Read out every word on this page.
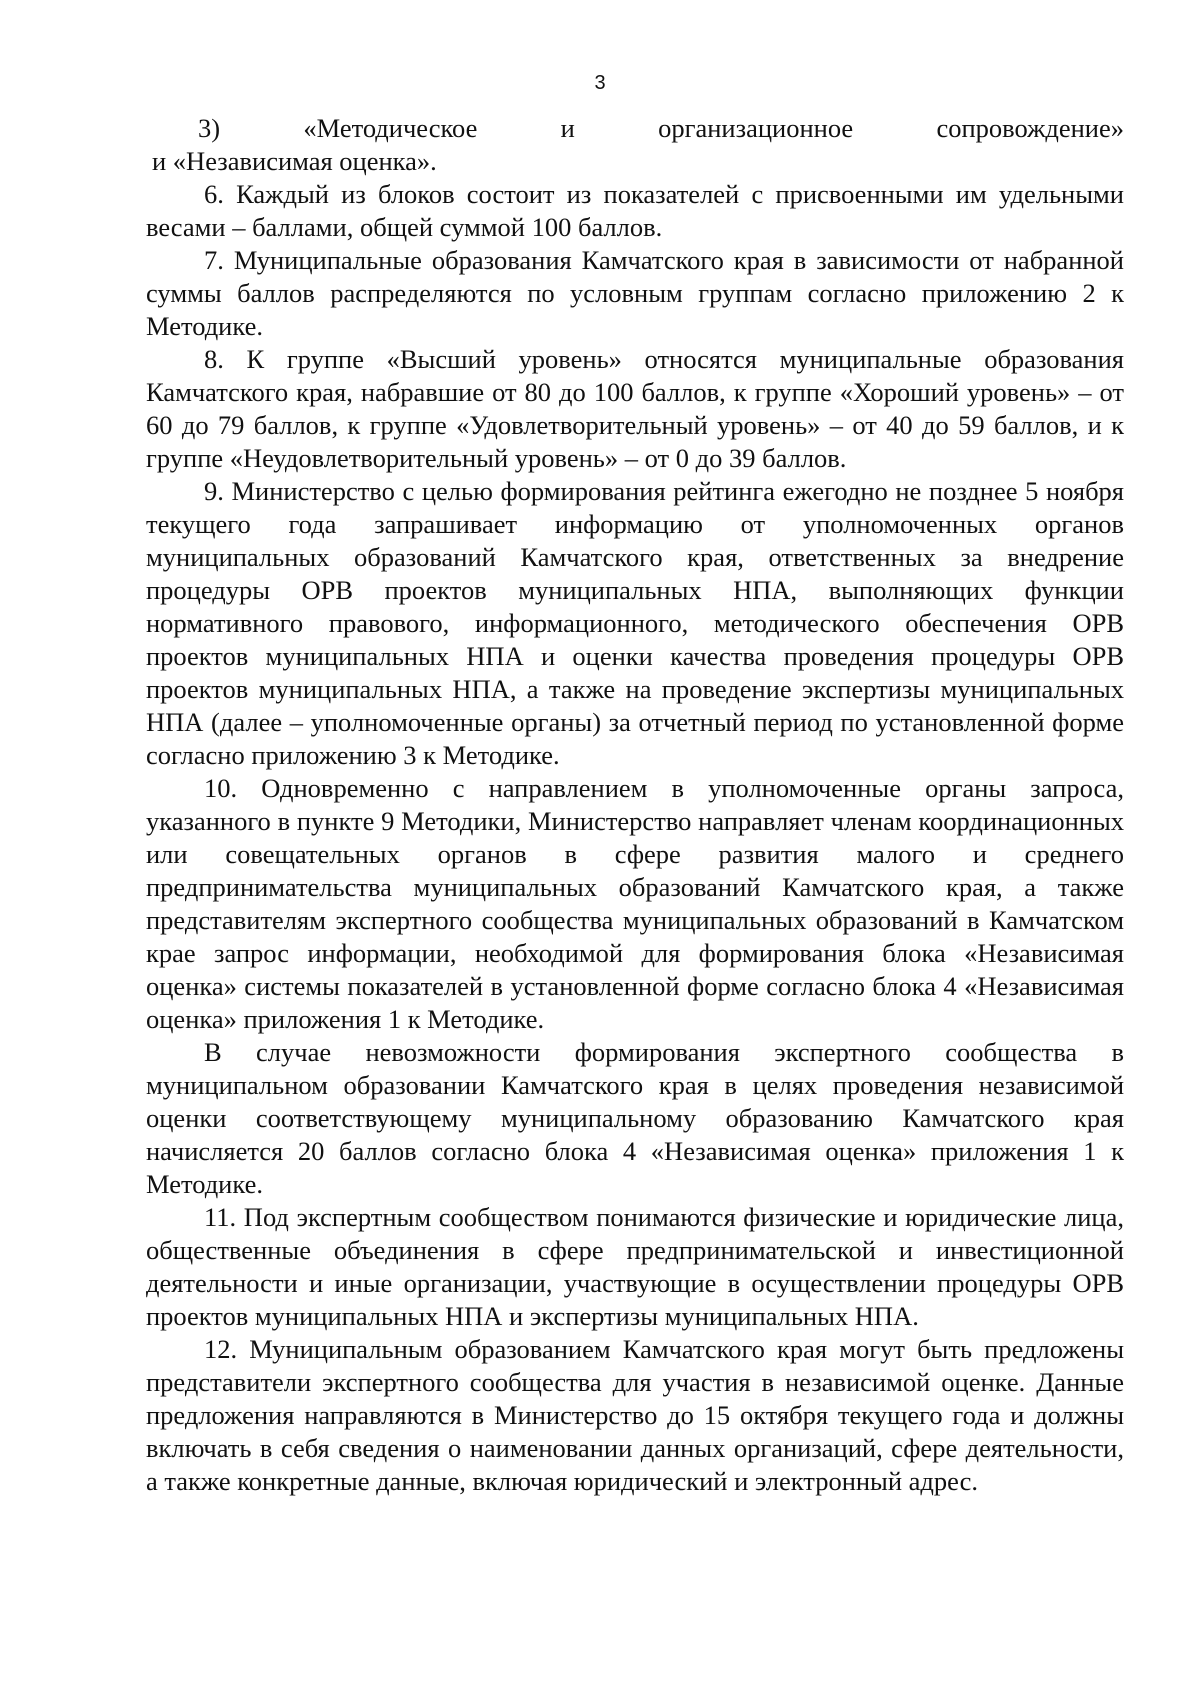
3

3) «Методическое и организационное сопровождение»
и «Независимая оценка».

6. Каждый из блоков состоит из показателей с присвоенными им удельными весами – баллами, общей суммой 100 баллов.

7. Муниципальные образования Камчатского края в зависимости от набранной суммы баллов распределяются по условным группам согласно приложению 2 к Методике.

8. К группе «Высший уровень» относятся муниципальные образования Камчатского края, набравшие от 80 до 100 баллов, к группе «Хороший уровень» – от 60 до 79 баллов, к группе «Удовлетворительный уровень» – от 40 до 59 баллов, и к группе «Неудовлетворительный уровень» – от 0 до 39 баллов.

9. Министерство с целью формирования рейтинга ежегодно не позднее 5 ноября текущего года запрашивает информацию от уполномоченных органов муниципальных образований Камчатского края, ответственных за внедрение процедуры ОРВ проектов муниципальных НПА, выполняющих функции нормативного правового, информационного, методического обеспечения ОРВ проектов муниципальных НПА и оценки качества проведения процедуры ОРВ проектов муниципальных НПА, а также на проведение экспертизы муниципальных НПА (далее – уполномоченные органы) за отчетный период по установленной форме согласно приложению 3 к Методике.

10. Одновременно с направлением в уполномоченные органы запроса, указанного в пункте 9 Методики, Министерство направляет членам координационных или совещательных органов в сфере развития малого и среднего предпринимательства муниципальных образований Камчатского края, а также представителям экспертного сообщества муниципальных образований в Камчатском крае запрос информации, необходимой для формирования блока «Независимая оценка» системы показателей в установленной форме согласно блока 4 «Независимая оценка» приложения 1 к Методике.

В случае невозможности формирования экспертного сообщества в муниципальном образовании Камчатского края в целях проведения независимой оценки соответствующему муниципальному образованию Камчатского края начисляется 20 баллов согласно блока 4 «Независимая оценка» приложения 1 к Методике.

11. Под экспертным сообществом понимаются физические и юридические лица, общественные объединения в сфере предпринимательской и инвестиционной деятельности и иные организации, участвующие в осуществлении процедуры ОРВ проектов муниципальных НПА и экспертизы муниципальных НПА.

12. Муниципальным образованием Камчатского края могут быть предложены представители экспертного сообщества для участия в независимой оценке. Данные предложения направляются в Министерство до 15 октября текущего года и должны включать в себя сведения о наименовании данных организаций, сфере деятельности, а также конкретные данные, включая юридический и электронный адрес.
